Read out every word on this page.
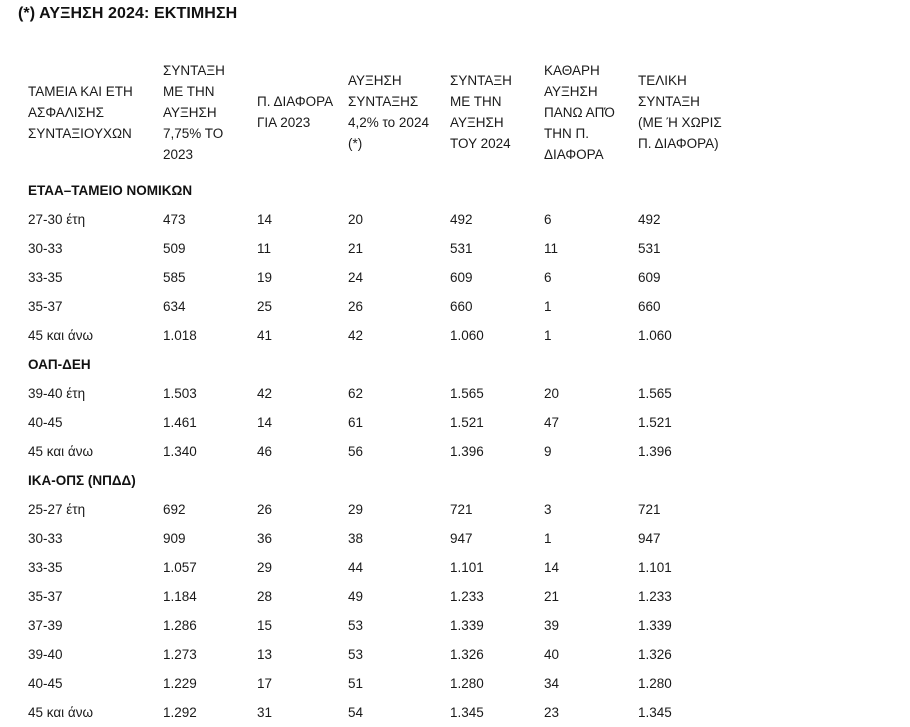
(*) ΑΥΞΗΣΗ 2024: ΕΚΤΙΜΗΣΗ
ΤΑΜΕΙΑ ΚΑΙ ΕΤΗ ΑΣΦΑΛΙΣΗΣ ΣΥΝΤΑΞΙΟΥΧΩΝ	ΣΥΝΤΑΞΗ ΜΕ ΤΗΝ ΑΥΞΗΣΗ 7,75% ΤΟ 2023	Π. ΔΙΑΦΟΡΑ ΓΙΑ 2023	ΑΥΞΗΣΗ ΣΥΝΤΑΞΗΣ 4,2% το 2024 (*)	ΣΥΝΤΑΞΗ ΜΕ ΤΗΝ ΑΥΞΗΣΗ ΤΟΥ 2024	ΚΑΘΑΡΗ ΑΥΞΗΣΗ ΠΑΝΩ ΑΠΌ ΤΗΝ Π. ΔΙΑΦΟΡΑ	ΤΕΛΙΚΗ ΣΥΝΤΑΞΗ (ΜΕ Ή ΧΩΡΙΣ Π. ΔΙΑΦΟΡΑ)
ΕΤΑΑ–ΤΑΜΕΙΟ ΝΟΜΙΚΩΝ						
27-30 έτη	473	14	20	492	6	492
30-33	509	11	21	531	11	531
33-35	585	19	24	609	6	609
35-37	634	25	26	660	1	660
45 και άνω	1.018	41	42	1.060	1	1.060
ΟΑΠ-ΔΕΗ						
39-40 έτη	1.503	42	62	1.565	20	1.565
40-45	1.461	14	61	1.521	47	1.521
45 και άνω	1.340	46	56	1.396	9	1.396
ΙΚΑ-ΟΠΣ (ΝΠΔΔ)						
25-27 έτη	692	26	29	721	3	721
30-33	909	36	38	947	1	947
33-35	1.057	29	44	1.101	14	1.101
35-37	1.184	28	49	1.233	21	1.233
37-39	1.286	15	53	1.339	39	1.339
39-40	1.273	13	53	1.326	40	1.326
40-45	1.229	17	51	1.280	34	1.280
45 και άνω	1.292	31	54	1.345	23	1.345
